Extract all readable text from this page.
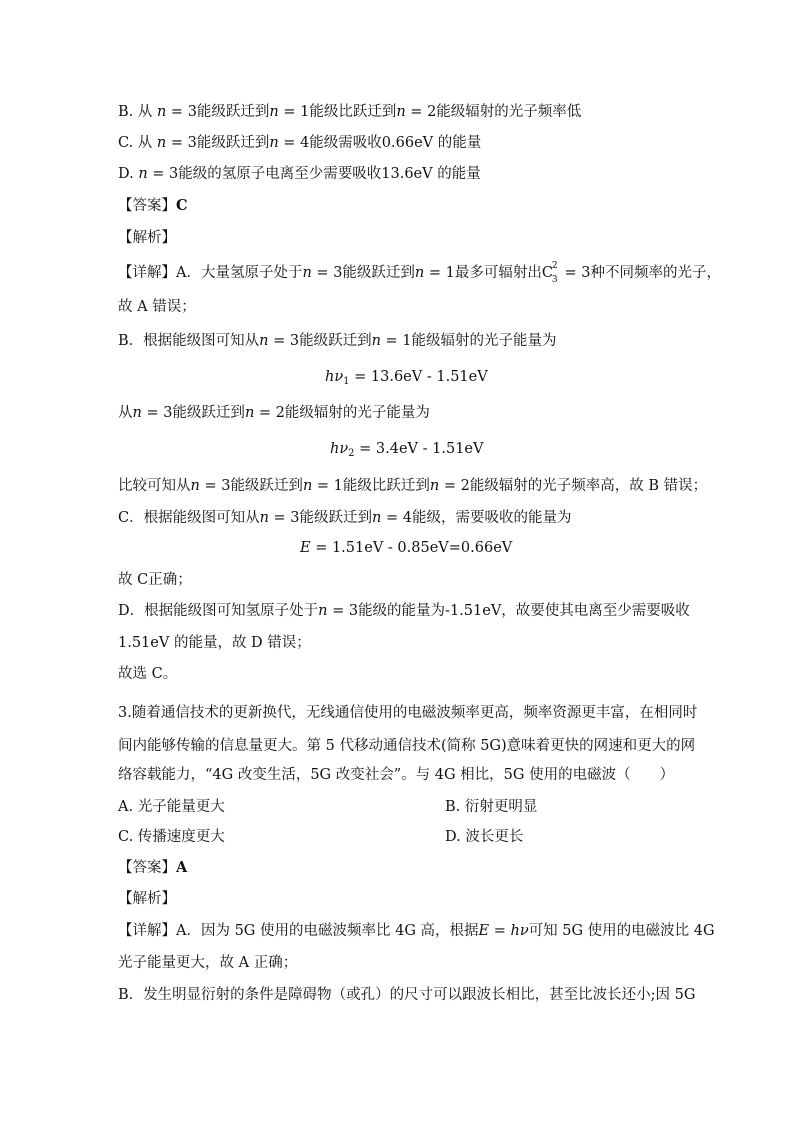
B. 从 n = 3能级跃迁到n = 1能级比跃迁到n = 2能级辐射的光子频率低
C. 从 n = 3能级跃迁到n = 4能级需吸收0.66eV 的能量
D. n = 3能级的氢原子电离至少需要吸收13.6eV 的能量
【答案】C
【解析】
【详解】A．大量氢原子处于n = 3能级跃迁到n = 1最多可辐射出C
2
3 = 3种不同频率的光子，
故 A 错误；
B．根据能级图可知从n = 3能级跃迁到n = 1能级辐射的光子能量为
$h\nu_1 = 13.6eV - 1.51eV$
从n = 3能级跃迁到n = 2能级辐射的光子能量为
$h\nu_2 = 3.4eV - 1.51eV$
比较可知从n = 3能级跃迁到n = 1能级比跃迁到n = 2能级辐射的光子频率高，故 B 错误；
C．根据能级图可知从n = 3能级跃迁到n = 4能级，需要吸收的能量为
E = 1.51eV - 0.85eV=0.66eV
故 C正确；
D．根据能级图可知氢原子处于n = 3能级的能量为-1.51eV，故要使其电离至少需要吸收
1.51eV 的能量，故 D 错误；
故选 C。
3.随着通信技术的更新换代，无线通信使用的电磁波频率更高，频率资源更丰富，在相同时
间内能够传输的信息量更大。第 5 代移动通信技术(简称 5G)意味着更快的网速和更大的网
络容载能力，“4G 改变生活，5G 改变社会”。与 4G 相比，5G 使用的电磁波（　　）
A. 光子能量更大	B. 衍射更明显
C. 传播速度更大	D. 波长更长
【答案】A
【解析】
【详解】A．因为 5G 使用的电磁波频率比 4G 高，根据E = hν可知 5G 使用的电磁波比 4G
光子能量更大，故 A 正确；
B．发生明显衍射的条件是障碍物（或孔）的尺寸可以跟波长相比，甚至比波长还小;因 5G
